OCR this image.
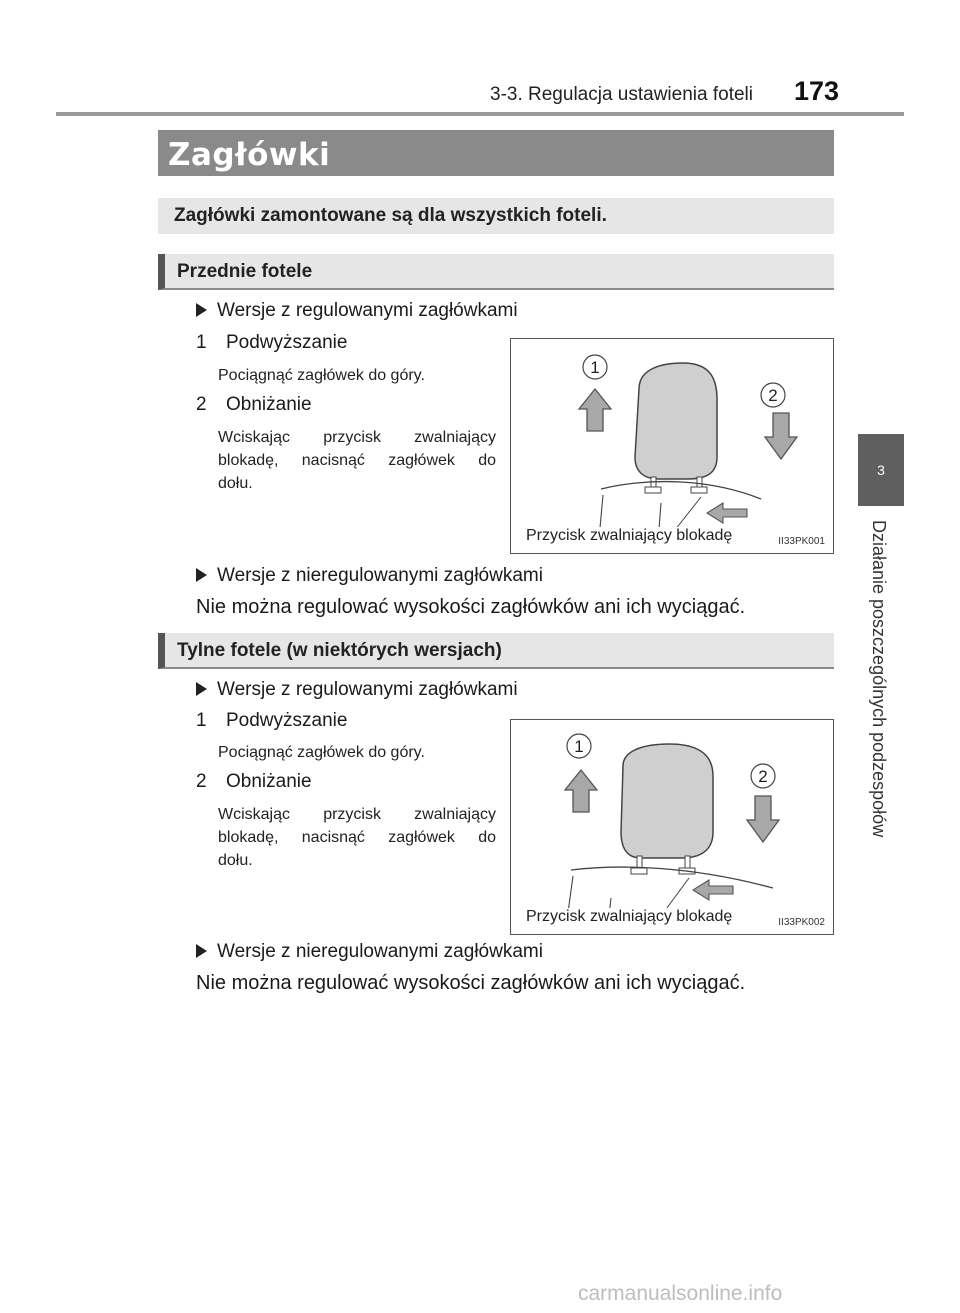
3-3. Regulacja ustawienia foteli 173
3
Działanie poszczególnych podzespołów
Zagłówki
Zagłówki zamontowane są dla wszystkich foteli.
Przednie fotele
Wersje z regulowanymi zagłówkami
1 Podwyższanie
Pociągnąć zagłówek do góry.
2 Obniżanie
Wciskając przycisk zwalniający
blokadę, nacisnąć zagłówek do
dołu.
1
2
Przycisk zwalniający blokadę	II33PK001
Wersje z nieregulowanymi zagłówkami
Nie można regulować wysokości zagłówków ani ich wyciągać.
Tylne fotele (w niektórych wersjach)
Wersje z regulowanymi zagłówkami
1 Podwyższanie
Pociągnąć zagłówek do góry.
2 Obniżanie
Wciskając przycisk zwalniający
blokadę, nacisnąć zagłówek do
dołu.
1
2
Przycisk zwalniający blokadę	II33PK002
Wersje z nieregulowanymi zagłówkami
Nie można regulować wysokości zagłówków ani ich wyciągać.
carmanualsonline.info
